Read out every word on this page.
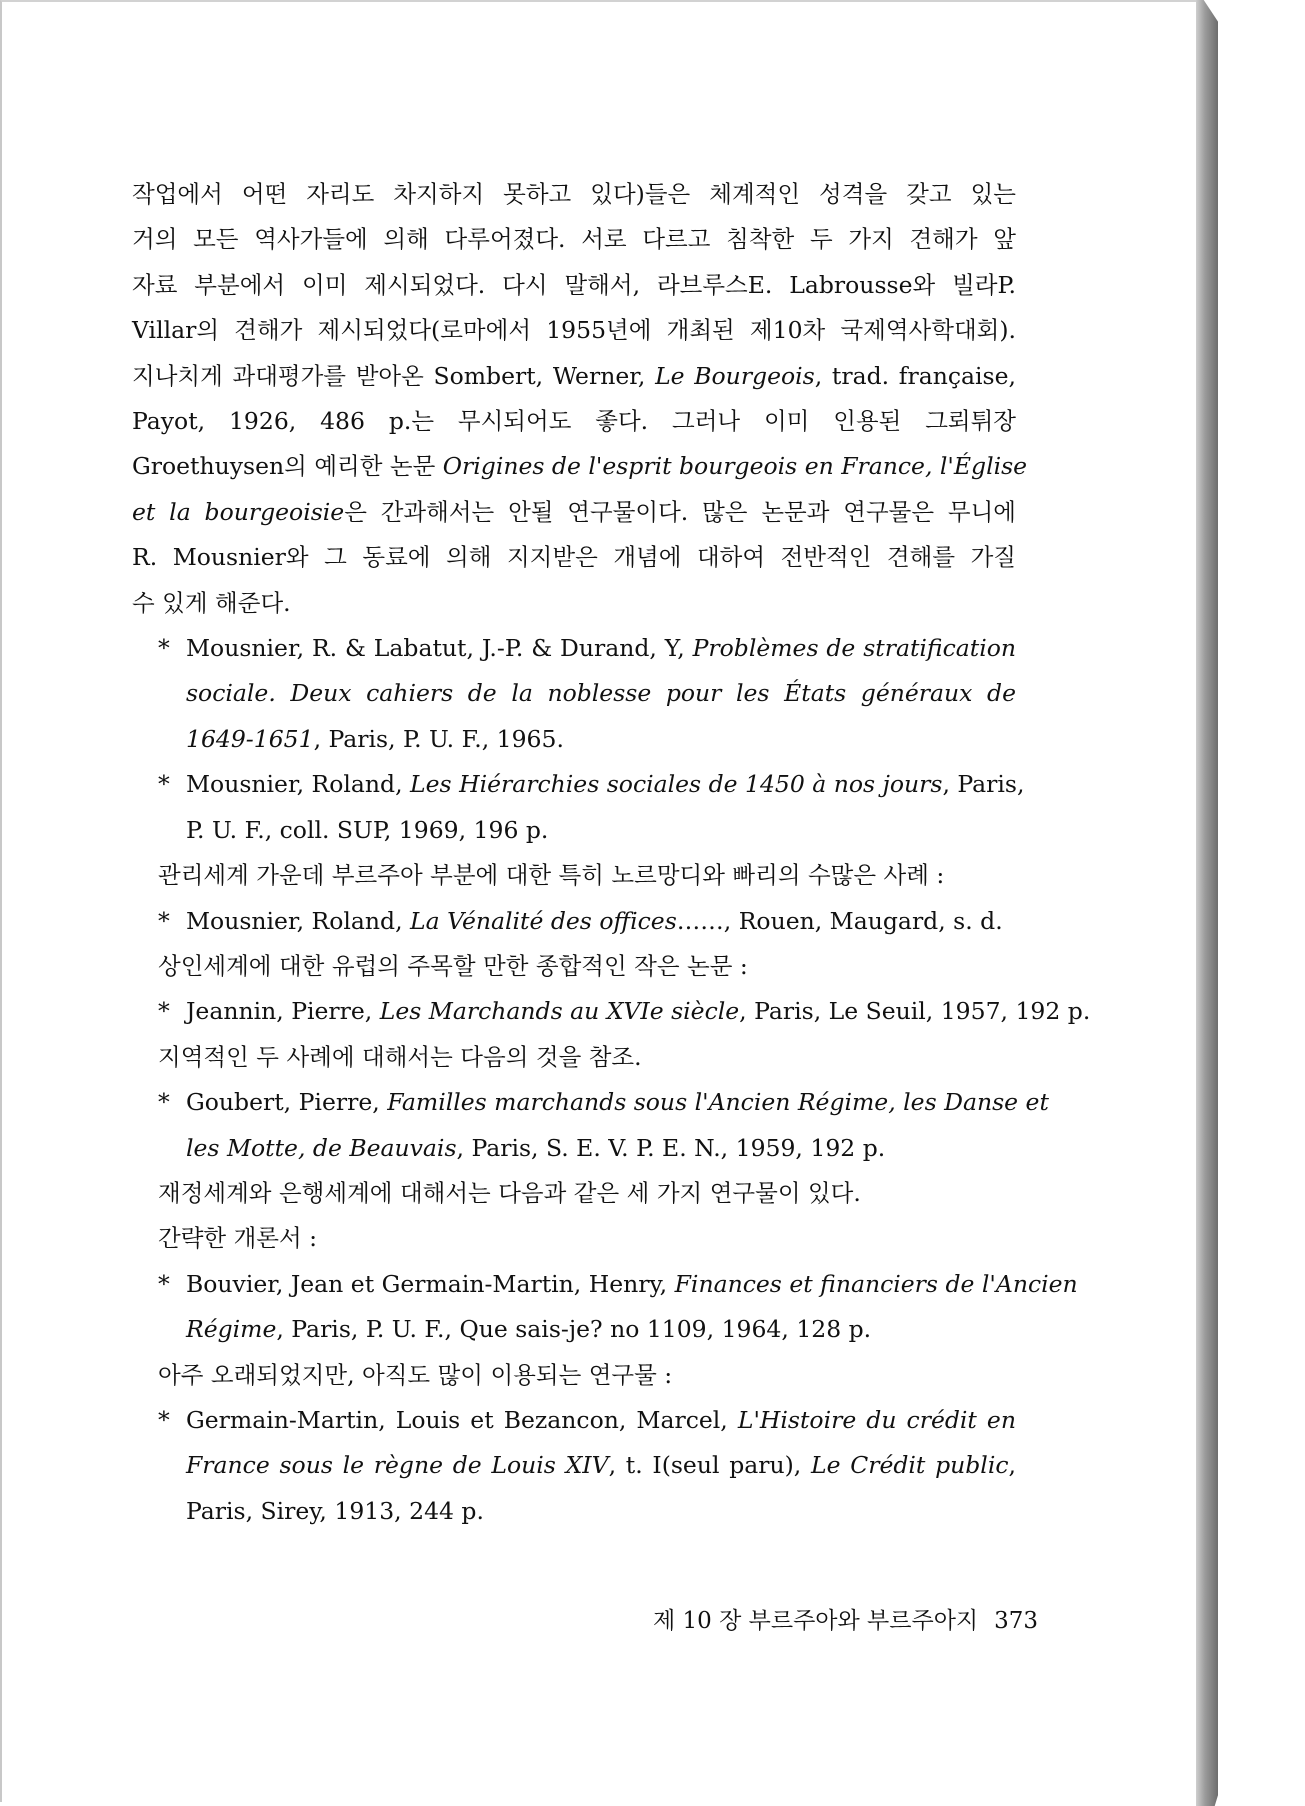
작업에서 어떤 자리도 차지하지 못하고 있다)들은 체계적인 성격을 갖고 있는
거의 모든 역사가들에 의해 다루어졌다. 서로 다르고 침착한 두 가지 견해가 앞
자료 부분에서 이미 제시되었다. 다시 말해서, 라브루스E. Labrousse와 빌라P.
Villar의 견해가 제시되었다(로마에서 1955년에 개최된 제10차 국제역사학대회).
지나치게 과대평가를 받아온 Sombert, Werner, Le Bourgeois, trad. française,
Payot, 1926, 486 p.는 무시되어도 좋다. 그러나 이미 인용된 그뢰튀장
Groethuysen의 예리한 논문 Origines de l'esprit bourgeois en France, l'Église
et la bourgeoisie은 간과해서는 안될 연구물이다. 많은 논문과 연구물은 무니에
R. Mousnier와 그 동료에 의해 지지받은 개념에 대하여 전반적인 견해를 가질
수 있게 해준다.

* Mousnier, R. & Labatut, J.-P. & Durand, Y, Problèmes de stratification
sociale. Deux cahiers de la noblesse pour les États généraux de
1649-1651, Paris, P. U. F., 1965.
* Mousnier, Roland, Les Hiérarchies sociales de 1450 à nos jours, Paris,
P. U. F., coll. SUP, 1969, 196 p.

관리세계 가운데 부르주아 부분에 대한 특히 노르망디와 빠리의 수많은 사례 :

* Mousnier, Roland, La Vénalité des offices……, Rouen, Maugard, s. d.

상인세계에 대한 유럽의 주목할 만한 종합적인 작은 논문 :

* Jeannin, Pierre, Les Marchands au XVIe siècle, Paris, Le Seuil, 1957, 192 p.

지역적인 두 사례에 대해서는 다음의 것을 참조.

* Goubert, Pierre, Familles marchands sous l'Ancien Régime, les Danse et
les Motte, de Beauvais, Paris, S. E. V. P. E. N., 1959, 192 p.

재정세계와 은행세계에 대해서는 다음과 같은 세 가지 연구물이 있다.

간략한 개론서 :

* Bouvier, Jean et Germain-Martin, Henry, Finances et financiers de l'Ancien
Régime, Paris, P. U. F., Que sais-je? no 1109, 1964, 128 p.

아주 오래되었지만, 아직도 많이 이용되는 연구물 :

* Germain-Martin, Louis et Bezancon, Marcel, L'Histoire du crédit en
France sous le règne de Louis XIV, t. I(seul paru), Le Crédit public,
Paris, Sirey, 1913, 244 p.
제 10 장 부르주아와 부르주아지 373
